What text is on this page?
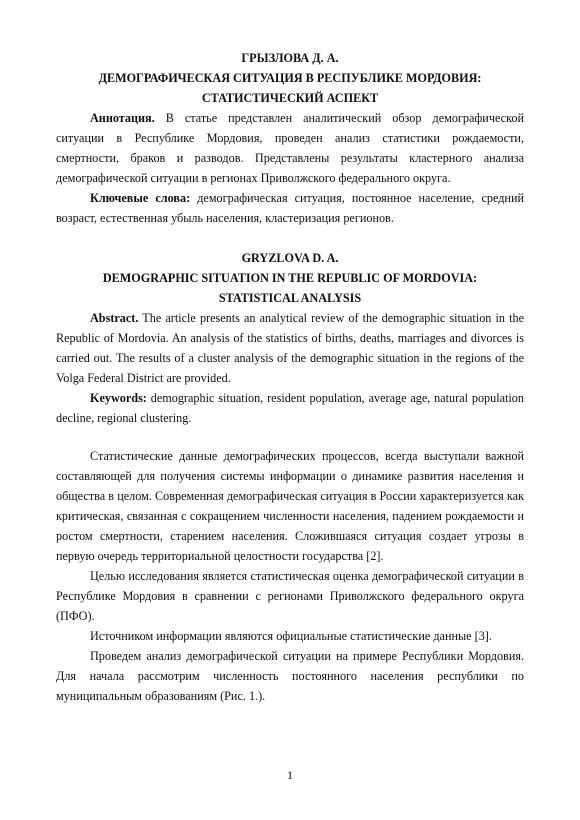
ГРЫЗЛОВА Д. А.

ДЕМОГРАФИЧЕСКАЯ СИТУАЦИЯ В РЕСПУБЛИКЕ МОРДОВИЯ:

СТАТИСТИЧЕСКИЙ АСПЕКТ

Аннотация. В статье представлен аналитический обзор демографической ситуации в Республике Мордовия, проведен анализ статистики рождаемости, смертности, браков и разводов. Представлены результаты кластерного анализа демографической ситуации в регионах Приволжского федерального округа.

Ключевые слова: демографическая ситуация, постоянное население, средний возраст, естественная убыль населения, кластеризация регионов.

GRYZLOVA D. A.

DEMOGRAPHIC SITUATION IN THE REPUBLIC OF MORDOVIA:

STATISTICAL ANALYSIS

Abstract. The article presents an analytical review of the demographic situation in the Republic of Mordovia. An analysis of the statistics of births, deaths, marriages and divorces is carried out. The results of a cluster analysis of the demographic situation in the regions of the Volga Federal District are provided.

Keywords: demographic situation, resident population, average age, natural population decline, regional clustering.

Статистические данные демографических процессов, всегда выступали важной составляющей для получения системы информации о динамике развития населения и общества в целом. Современная демографическая ситуация в России характеризуется как критическая, связанная с сокращением численности населения, падением рождаемости и ростом смертности, старением населения. Сложившаяся ситуация создает угрозы в первую очередь территориальной целостности государства [2].

Целью исследования является статистическая оценка демографической ситуации в Республике Мордовия в сравнении с регионами Приволжского федерального округа (ПФО).

Источником информации являются официальные статистические данные [3].

Проведем анализ демографической ситуации на примере Республики Мордовия. Для начала рассмотрим численность постоянного населения республики по муниципальным образованиям (Рис. 1.).

1
